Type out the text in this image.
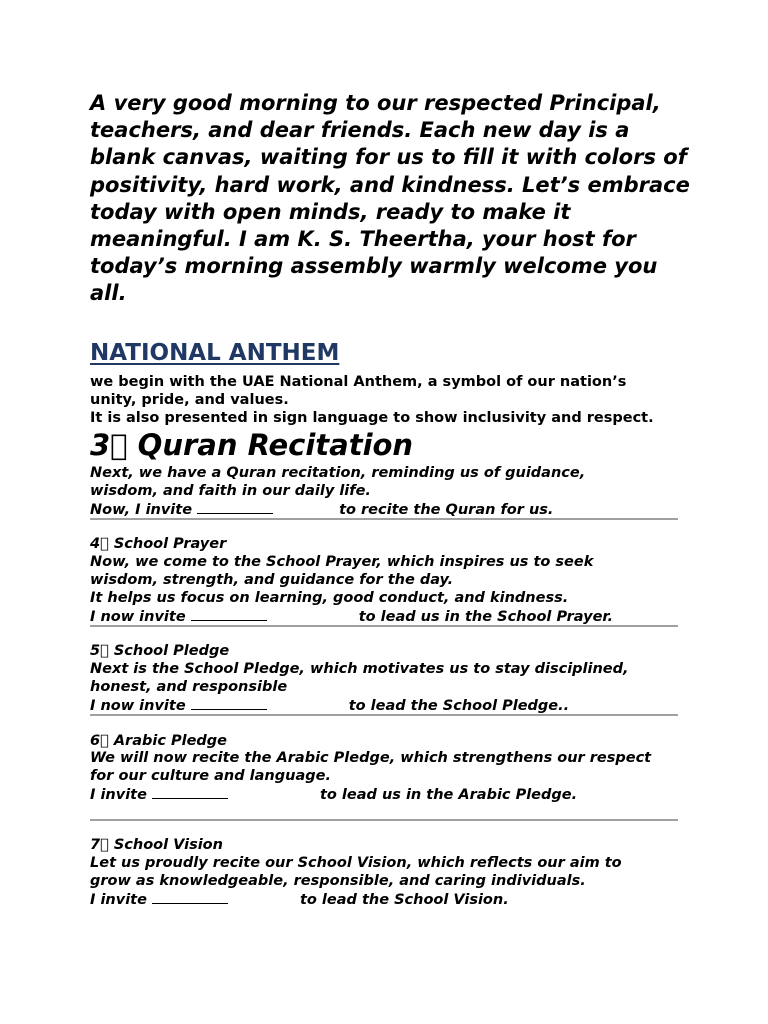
A very good morning to our respected Principal, teachers, and dear friends. Each new day is a blank canvas, waiting for us to fill it with colors of positivity, hard work, and kindness. Let’s embrace today with open minds, ready to make it meaningful. I am K. S. Theertha, your host for today’s morning assembly warmly welcome you all.

NATIONAL ANTHEM

we begin with the UAE National Anthem, a symbol of our nation’s

unity, pride, and values.

It is also presented in sign language to show inclusivity and respect.

3⃣ Quran Recitation

Next, we have a Quran recitation, reminding us of guidance,

wisdom, and faith in our daily life.

Now, I invite	to recite the Quran for us.

4⃣ School Prayer

Now, we come to the School Prayer, which inspires us to seek

wisdom, strength, and guidance for the day.

It helps us focus on learning, good conduct, and kindness.

I now invite	to lead us in the School Prayer.

5⃣ School Pledge

Next is the School Pledge, which motivates us to stay disciplined,

honest, and responsible

I now invite	to lead the School Pledge..

6⃣ Arabic Pledge

We will now recite the Arabic Pledge, which strengthens our respect

for our culture and language.

I invite	to lead us in the Arabic Pledge.

7⃣ School Vision

Let us proudly recite our School Vision, which reflects our aim to

grow as knowledgeable, responsible, and caring individuals.

I invite	to lead the School Vision.
